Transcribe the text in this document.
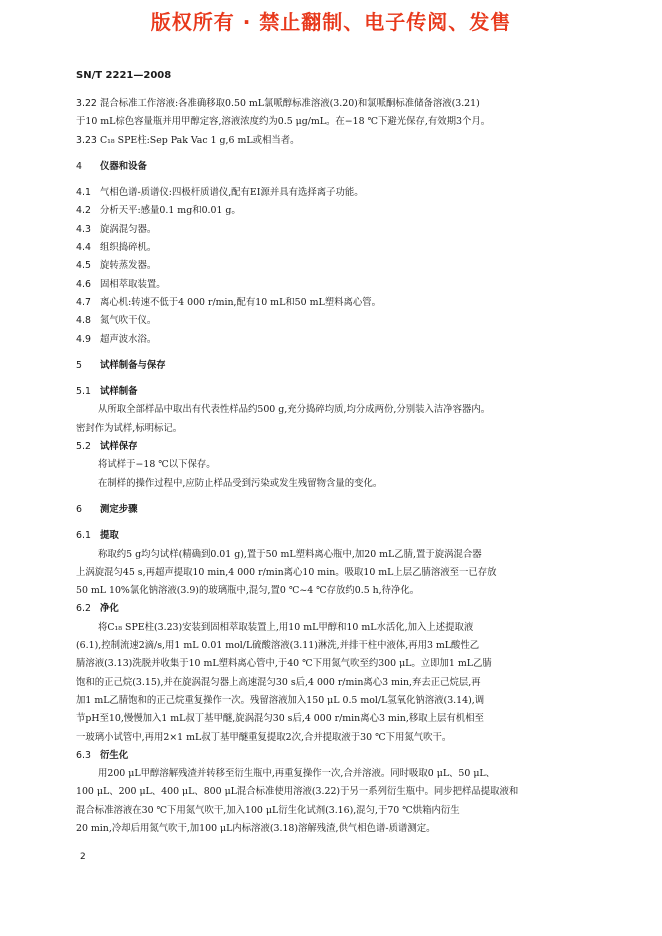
版权所有 · 禁止翻制、电子传阅、发售
SN/T 2221—2008
3.22 混合标准工作溶液:各准确移取0.50 mL氯哌醇标准溶液(3.20)和氯哌酮标准储备溶液(3.21)
于10 mL棕色容量瓶并用甲醇定容,溶液浓度约为0.5 μg/mL。在−18 ℃下避光保存,有效期3个月。
3.23 C₁₈ SPE柱:Sep Pak Vac 1 g,6 mL或相当者。
4 仪器和设备
4.1 气相色谱-质谱仪:四极杆质谱仪,配有EI源并具有选择离子功能。
4.2 分析天平:感量0.1 mg和0.01 g。
4.3 旋涡混匀器。
4.4 组织捣碎机。
4.5 旋转蒸发器。
4.6 固相萃取装置。
4.7 离心机:转速不低于4 000 r/min,配有10 mL和50 mL塑料离心管。
4.8 氮气吹干仪。
4.9 超声波水浴。
5 试样制备与保存
5.1 试样制备
从所取全部样品中取出有代表性样品约500 g,充分捣碎均质,均分成两份,分别装入洁净容器内。
密封作为试样,标明标记。
5.2 试样保存
将试样于−18 ℃以下保存。
在制样的操作过程中,应防止样品受到污染或发生残留物含量的变化。
6 测定步骤
6.1 提取
称取约5 g均匀试样(精确到0.01 g),置于50 mL塑料离心瓶中,加20 mL乙腈,置于旋涡混合器
上涡旋混匀45 s,再超声提取10 min,4 000 r/min离心10 min。吸取10 mL上层乙腈溶液至一已存放
50 mL 10%氯化钠溶液(3.9)的玻璃瓶中,混匀,置0 ℃~4 ℃存放约0.5 h,待净化。
6.2 净化
将C₁₈ SPE柱(3.23)安装到固相萃取装置上,用10 mL甲醇和10 mL水活化,加入上述提取液
(6.1),控制流速2滴/s,用1 mL 0.01 mol/L硫酸溶液(3.11)淋洗,并排干柱中液体,再用3 mL酸性乙
腈溶液(3.13)洗脱并收集于10 mL塑料离心管中,于40 ℃下用氮气吹至约300 μL。立即加1 mL乙腈
饱和的正己烷(3.15),并在旋涡混匀器上高速混匀30 s后,4 000 r/min离心3 min,弃去正己烷层,再
加1 mL乙腈饱和的正己烷重复操作一次。残留溶液加入150 μL 0.5 mol/L氢氧化钠溶液(3.14),调
节pH至10,慢慢加入1 mL叔丁基甲醚,旋涡混匀30 s后,4 000 r/min离心3 min,移取上层有机相至
一玻璃小试管中,再用2×1 mL叔丁基甲醚重复提取2次,合并提取液于30 ℃下用氮气吹干。
6.3 衍生化
用200 μL甲醇溶解残渣并转移至衍生瓶中,再重复操作一次,合并溶液。同时吸取0 μL、50 μL、
100 μL、200 μL、400 μL、800 μL混合标准使用溶液(3.22)于另一系列衍生瓶中。同步把样品提取液和
混合标准溶液在30 ℃下用氮气吹干,加入100 μL衍生化试剂(3.16),混匀,于70 ℃烘箱内衍生
20 min,冷却后用氮气吹干,加100 μL内标溶液(3.18)溶解残渣,供气相色谱-质谱测定。
2
